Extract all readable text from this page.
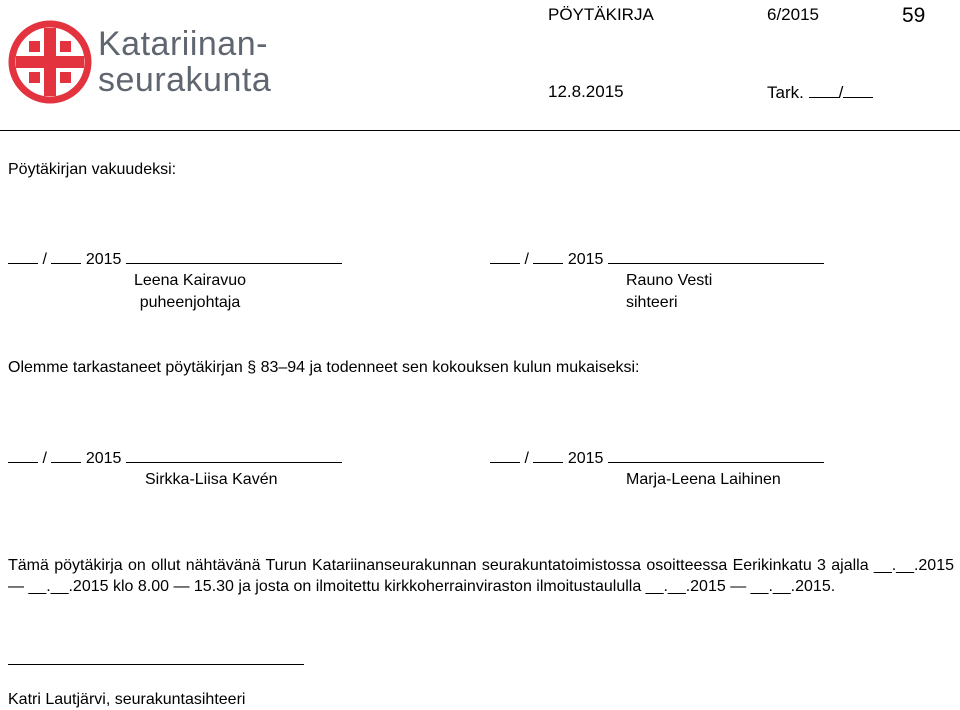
Katariinan-
seurakunta
PÖYTÄKIRJA	6/2015	59
12.8.2015	Tark. /
Pöytäkirjan vakuudeksi:
/ 2015
Leena Kairavuo
puheenjohtaja
/ 2015
Rauno Vesti
sihteeri
Olemme tarkastaneet pöytäkirjan § 83–94 ja todenneet sen kokouksen kulun mukaiseksi:
/ 2015
Sirkka-Liisa Kavén
/ 2015
Marja-Leena Laihinen
Tämä pöytäkirja on ollut nähtävänä Turun Katariinanseurakunnan seurakuntatoimistossa osoitteessa Eerikinkatu 3 ajalla __.__.2015 — __.__.2015 klo 8.00 — 15.30 ja josta on ilmoitettu kirkkoherrainviraston ilmoitustaululla __.__.2015 — __.__.2015.
Katri Lautjärvi, seurakuntasihteeri
